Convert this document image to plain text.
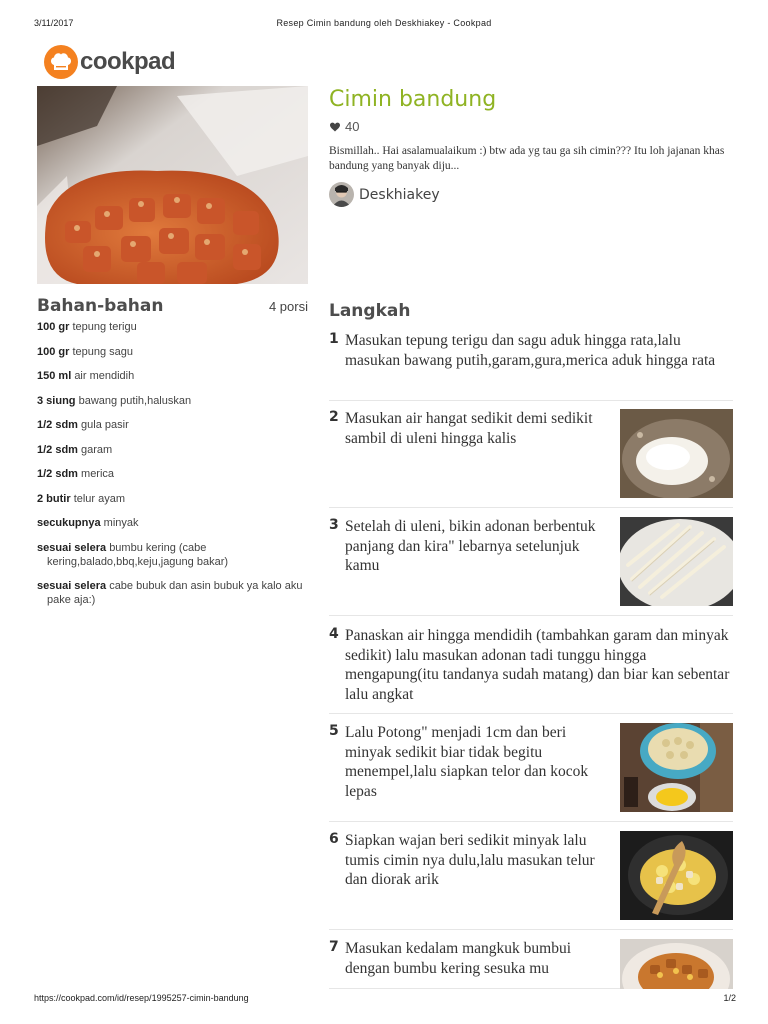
3/11/2017	Resep Cimin bandung oleh Deskhiakey - Cookpad
cookpad
Cimin bandung
40

Bismillah.. Hai asalamualaikum :) btw ada yg tau ga sih cimin??? Itu loh jajanan khas bandung yang banyak diju...

Deskhiakey
Bahan-bahan	4 porsi
100 gr tepung terigu
100 gr tepung sagu
150 ml air mendidih
3 siung bawang putih,haluskan
1/2 sdm gula pasir
1/2 sdm garam
1/2 sdm merica
2 butir telur ayam
secukupnya minyak
sesuai selera bumbu kering (cabe kering,balado,bbq,keju,jagung bakar)
sesuai selera cabe bubuk dan asin bubuk ya kalo aku pake aja:)
Langkah
1 Masukan tepung terigu dan sagu aduk hingga rata,lalu masukan bawang putih,garam,gura,merica aduk hingga rata

2 Masukan air hangat sedikit demi sedikit sambil di uleni hingga kalis

3 Setelah di uleni, bikin adonan berbentuk panjang dan kira" lebarnya setelunjuk kamu

4 Panaskan air hingga mendidih (tambahkan garam dan minyak sedikit) lalu masukan adonan tadi tunggu hingga mengapung(itu tandanya sudah matang) dan biar kan sebentar lalu angkat

5 Lalu Potong" menjadi 1cm dan beri minyak sedikit biar tidak begitu menempel,lalu siapkan telor dan kocok lepas

6 Siapkan wajan beri sedikit minyak lalu tumis cimin nya dulu,lalu masukan telur dan diorak arik

7 Masukan kedalam mangkuk bumbui dengan bumbu kering sesuka mu

https://cookpad.com/id/resep/1995257-cimin-bandung	1/2
